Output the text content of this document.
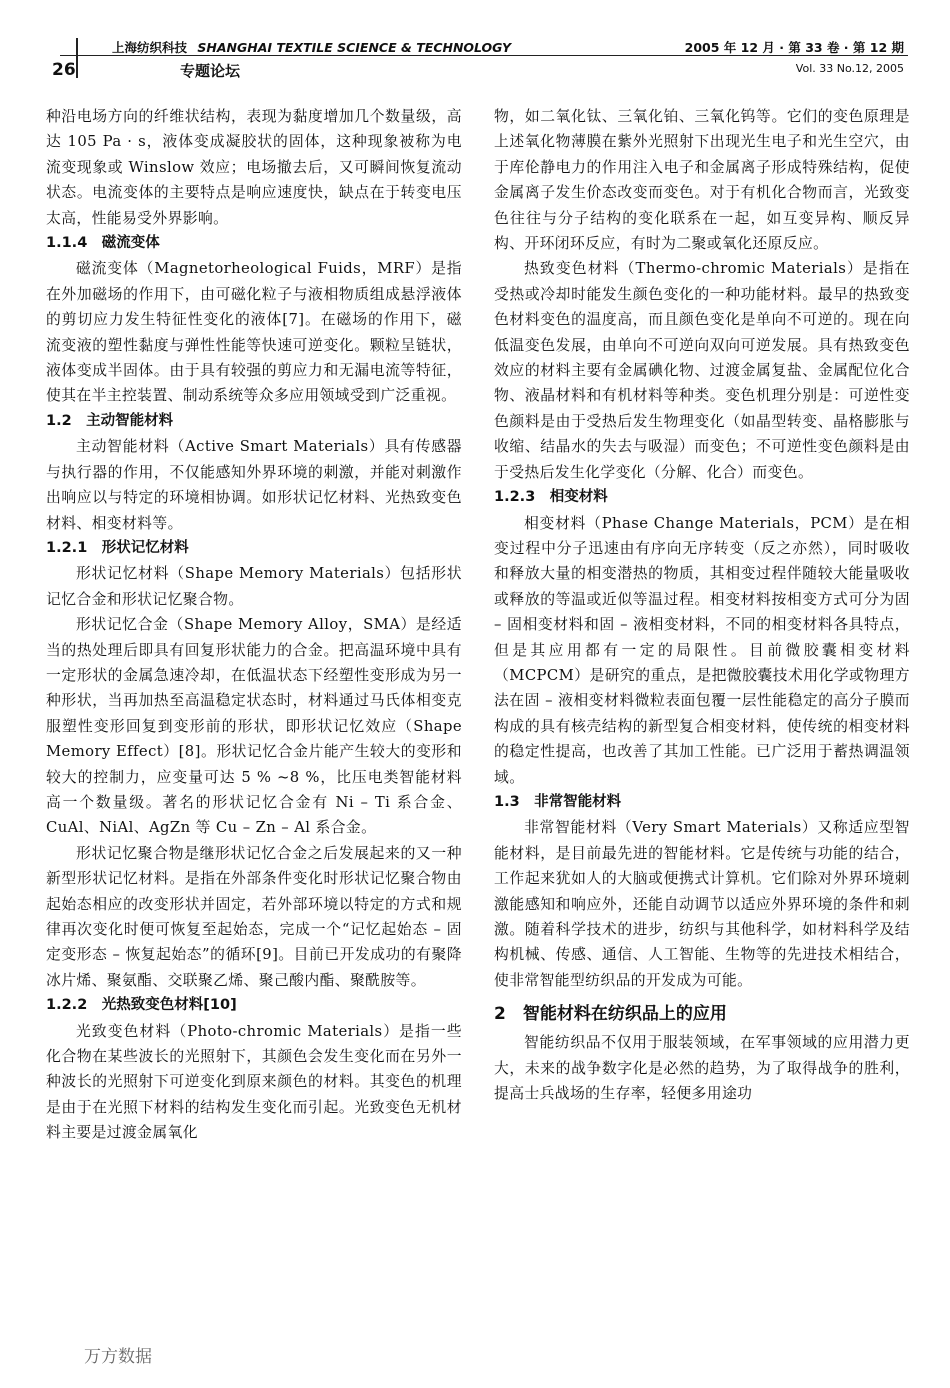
上海纺织科技 SHANGHAI TEXTILE SCIENCE & TECHNOLOGY	2005 年 12 月 · 第 33 卷 · 第 12 期
26	专题论坛	Vol. 33 No.12, 2005

种沿电场方向的纤维状结构，表现为黏度增加几个数量级，高达 105 Pa · s，液体变成凝胶状的固体，这种现象被称为电流变现象或 Winslow 效应；电场撤去后，又可瞬间恢复流动状态。电流变体的主要特点是响应速度快，缺点在于转变电压太高，性能易受外界影响。

1.1.4　磁流变体

磁流变体（Magnetorheological Fuids，MRF）是指在外加磁场的作用下，由可磁化粒子与液相物质组成悬浮液体的剪切应力发生特征性变化的液体[7]。在磁场的作用下，磁流变液的塑性黏度与弹性性能等快速可逆变化。颗粒呈链状，液体变成半固体。由于具有较强的剪应力和无漏电流等特征，使其在半主控装置、制动系统等众多应用领域受到广泛重视。

1.2　主动智能材料

主动智能材料（Active Smart Materials）具有传感器与执行器的作用，不仅能感知外界环境的刺激，并能对刺激作出响应以与特定的环境相协调。如形状记忆材料、光热致变色材料、相变材料等。

1.2.1　形状记忆材料

形状记忆材料（Shape Memory Materials）包括形状记忆合金和形状记忆聚合物。

形状记忆合金（Shape Memory Alloy，SMA）是经适当的热处理后即具有回复形状能力的合金。把高温环境中具有一定形状的金属急速冷却，在低温状态下经塑性变形成为另一种形状，当再加热至高温稳定状态时，材料通过马氏体相变克服塑性变形回复到变形前的形状，即形状记忆效应（Shape Memory Effect）[8]。形状记忆合金片能产生较大的变形和较大的控制力，应变量可达 5 % ~8 %，比压电类智能材料高一个数量级。著名的形状记忆合金有 Ni – Ti 系合金、CuAl、NiAl、AgZn 等 Cu – Zn – Al 系合金。

形状记忆聚合物是继形状记忆合金之后发展起来的又一种新型形状记忆材料。是指在外部条件变化时形状记忆聚合物由起始态相应的改变形状并固定，若外部环境以特定的方式和规律再次变化时便可恢复至起始态，完成一个“记忆起始态 – 固定变形态 – 恢复起始态”的循环[9]。目前已开发成功的有聚降冰片烯、聚氨酯、交联聚乙烯、聚己酸内酯、聚酰胺等。

1.2.2　光热致变色材料[10]

光致变色材料（Photo-chromic Materials）是指一些化合物在某些波长的光照射下，其颜色会发生变化而在另外一种波长的光照射下可逆变化到原来颜色的材料。其变色的机理是由于在光照下材料的结构发生变化而引起。光致变色无机材料主要是过渡金属氧化

物，如二氧化钛、三氧化铂、三氧化钨等。它们的变色原理是上述氧化物薄膜在紫外光照射下出现光生电子和光生空穴，由于库伦静电力的作用注入电子和金属离子形成特殊结构，促使金属离子发生价态改变而变色。对于有机化合物而言，光致变色往往与分子结构的变化联系在一起，如互变异构、顺反异构、开环闭环反应，有时为二聚或氧化还原反应。

热致变色材料（Thermo-chromic Materials）是指在受热或冷却时能发生颜色变化的一种功能材料。最早的热致变色材料变色的温度高，而且颜色变化是单向不可逆的。现在向低温变色发展，由单向不可逆向双向可逆发展。具有热致变色效应的材料主要有金属碘化物、过渡金属复盐、金属配位化合物、液晶材料和有机材料等种类。变色机理分别是：可逆性变色颜料是由于受热后发生物理变化（如晶型转变、晶格膨胀与收缩、结晶水的失去与吸湿）而变色；不可逆性变色颜料是由于受热后发生化学变化（分解、化合）而变色。

1.2.3　相变材料

相变材料（Phase Change Materials，PCM）是在相变过程中分子迅速由有序向无序转变（反之亦然），同时吸收和释放大量的相变潜热的物质，其相变过程伴随较大能量吸收或释放的等温或近似等温过程。相变材料按相变方式可分为固 – 固相变材料和固 – 液相变材料，不同的相变材料各具特点，但是其应用都有一定的局限性。目前微胶囊相变材料（MCPCM）是研究的重点，是把微胶囊技术用化学或物理方法在固 – 液相变材料微粒表面包覆一层性能稳定的高分子膜而构成的具有核壳结构的新型复合相变材料，使传统的相变材料的稳定性提高，也改善了其加工性能。已广泛用于蓄热调温领域。

1.3　非常智能材料

非常智能材料（Very Smart Materials）又称适应型智能材料，是目前最先进的智能材料。它是传统与功能的结合，工作起来犹如人的大脑或便携式计算机。它们除对外界环境刺激能感知和响应外，还能自动调节以适应外界环境的条件和刺激。随着科学技术的进步，纺织与其他科学，如材料科学及结构机械、传感、通信、人工智能、生物等的先进技术相结合，使非常智能型纺织品的开发成为可能。

2　智能材料在纺织品上的应用

智能纺织品不仅用于服装领域，在军事领域的应用潜力更大，未来的战争数字化是必然的趋势，为了取得战争的胜利，提高士兵战场的生存率，轻便多用途功

万方数据
